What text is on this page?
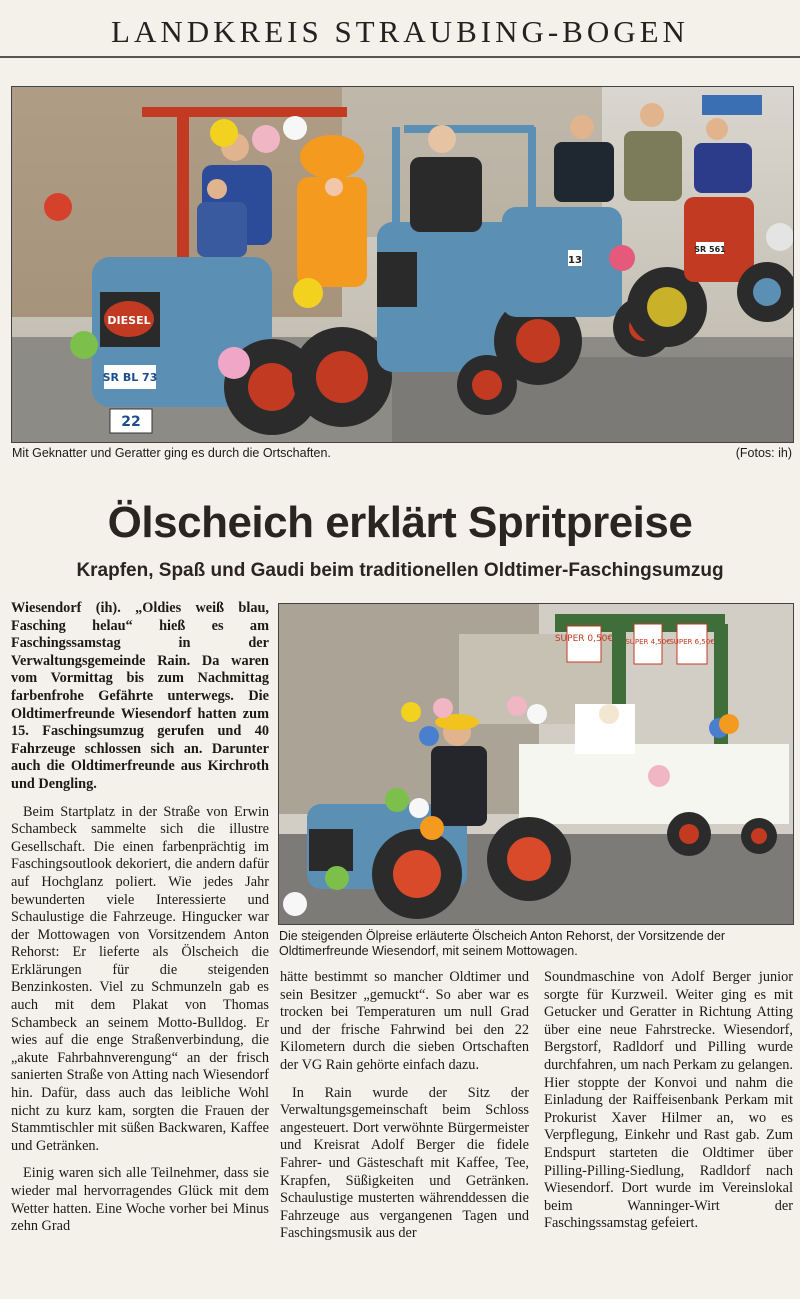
LANDKREIS STRAUBING-BOGEN
DIESEL
SR BL 73
22
13
SR 561
Mit Geknatter und Geratter ging es durch die Ortschaften.	(Fotos: ih)
Ölscheich erklärt Spritpreise
Krapfen, Spaß und Gaudi beim traditionellen Oldtimer-Faschingsumzug

Wiesendorf (ih). „Oldies weiß blau, Fasching helau“ hieß es am Faschingssamstag in der Verwaltungsgemeinde Rain. Da waren vom Vormittag bis zum Nachmittag farbenfrohe Gefährte unterwegs. Die Oldtimerfreunde Wiesendorf hatten zum 15. Faschingsumzug gerufen und 40 Fahrzeuge schlossen sich an. Darunter auch die Oldtimerfreunde aus Kirchroth und Dengling.

Beim Startplatz in der Straße von Erwin Schambeck sammelte sich die illustre Gesellschaft. Die einen farbenprächtig im Faschingsoutlook dekoriert, die andern dafür auf Hochglanz poliert. Wie jedes Jahr bewunderten viele Interessierte und Schaulustige die Fahrzeuge. Hingucker war der Mottowagen von Vorsitzendem Anton Rehorst: Er lieferte als Ölscheich die Erklärungen für die steigenden Benzinkosten. Viel zu Schmunzeln gab es auch mit dem Plakat von Thomas Schambeck an seinem Motto-Bulldog. Er wies auf die enge Straßenverbindung, die „akute Fahrbahnverengung“ an der frisch sanierten Straße von Atting nach Wiesendorf hin. Dafür, dass auch das leibliche Wohl nicht zu kurz kam, sorgten die Frauen der Stammtischler mit süßen Backwaren, Kaffee und Getränken.

Einig waren sich alle Teilnehmer, dass sie wieder mal hervorragendes Glück mit dem Wetter hatten. Eine Woche vorher bei Minus zehn Grad

SUPER 0,50€ SUPER 4,50€
SUPER 6,50€
Die steigenden Ölpreise erläuterte Ölscheich Anton Rehorst, der Vorsitzende der Oldtimerfreunde Wiesendorf, mit seinem Mottowagen.

hätte bestimmt so mancher Oldtimer und sein Besitzer „gemuckt“. So aber war es trocken bei Temperaturen um null Grad und der frische Fahrwind bei den 22 Kilometern durch die sieben Ortschaften der VG Rain gehörte einfach dazu.

In Rain wurde der Sitz der Verwaltungsgemeinschaft beim Schloss angesteuert. Dort verwöhnte Bürgermeister und Kreisrat Adolf Berger die fidele Fahrer- und Gästeschaft mit Kaffee, Tee, Krapfen, Süßigkeiten und Getränken. Schaulustige musterten währenddessen die Fahrzeuge aus vergangenen Tagen und Faschingsmusik aus der

Soundmaschine von Adolf Berger junior sorgte für Kurzweil. Weiter ging es mit Getucker und Geratter in Richtung Atting über eine neue Fahrstrecke. Wiesendorf, Bergstorf, Radldorf und Pilling wurde durchfahren, um nach Perkam zu gelangen. Hier stoppte der Konvoi und nahm die Einladung der Raiffeisenbank Perkam mit Prokurist Xaver Hilmer an, wo es Verpflegung, Einkehr und Rast gab. Zum Endspurt starteten die Oldtimer über Pilling-Pilling-Siedlung, Radldorf nach Wiesendorf. Dort wurde im Vereinslokal beim Wanninger-Wirt der Faschingssamstag gefeiert.
